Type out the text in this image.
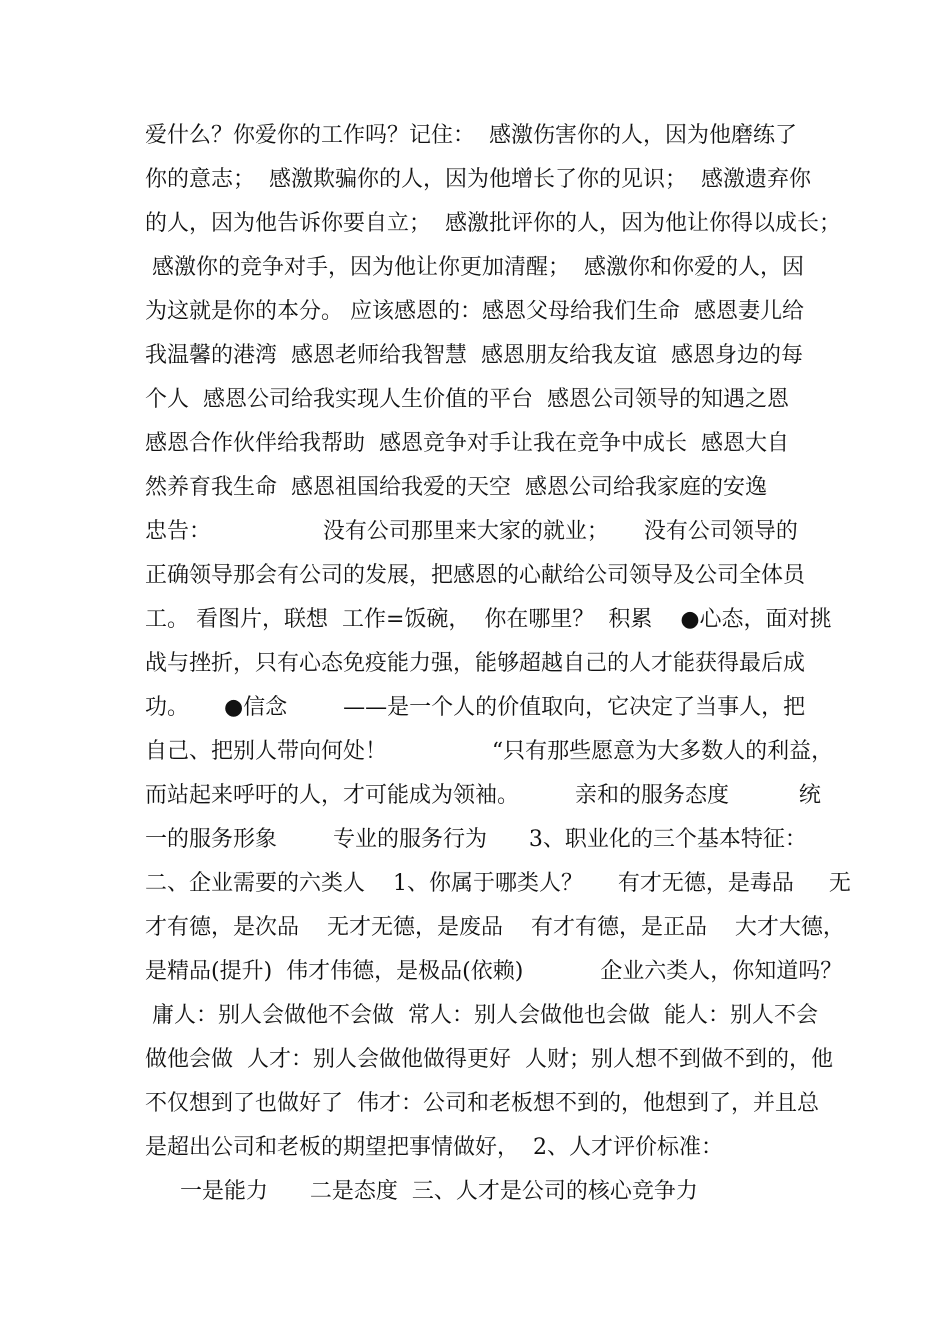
爱什么？你爱你的工作吗？记住：  感激伤害你的人，因为他磨练了
你的意志；  感激欺骗你的人，因为他增长了你的见识；  感激遗弃你
的人，因为他告诉你要自立；  感激批评你的人，因为他让你得以成长；
感激你的竞争对手，因为他让你更加清醒；  感激你和你爱的人，因
为这就是你的本分。 应该感恩的：感恩父母给我们生命  感恩妻儿给
我温馨的港湾  感恩老师给我智慧  感恩朋友给我友谊  感恩身边的每
个人  感恩公司给我实现人生价值的平台  感恩公司领导的知遇之恩
感恩合作伙伴给我帮助  感恩竞争对手让我在竞争中成长  感恩大自
然养育我生命  感恩祖国给我爱的天空  感恩公司给我家庭的安逸
忠告：                没有公司那里来大家的就业；     没有公司领导的
正确领导那会有公司的发展，把感恩的心献给公司领导及公司全体员
工。 看图片，联想  工作=饭碗，  你在哪里？  积累    ●心态，面对挑
战与挫折，只有心态免疫能力强，能够超越自己的人才能获得最后成
功。     ●信念        ——是一个人的价值取向，它决定了当事人，把
自己、把别人带向何处！               “只有那些愿意为大多数人的利益，
而站起来呼吁的人，才可能成为领袖。        亲和的服务态度          统
一的服务形象        专业的服务行为      3、职业化的三个基本特征：
二、企业需要的六类人    1、你属于哪类人？     有才无德，是毒品     无
才有德，是次品    无才无德，是废品    有才有德，是正品    大才大德，
是精品(提升)  伟才伟德，是极品(依赖)           企业六类人，你知道吗？
庸人：别人会做他不会做  常人：别人会做他也会做  能人：别人不会
做他会做  人才：别人会做他做得更好  人财；别人想不到做不到的，他
不仅想到了也做好了  伟才：公司和老板想不到的，他想到了，并且总
是超出公司和老板的期望把事情做好，  2、人才评价标准：
一是能力      二是态度  三、人才是公司的核心竞争力
